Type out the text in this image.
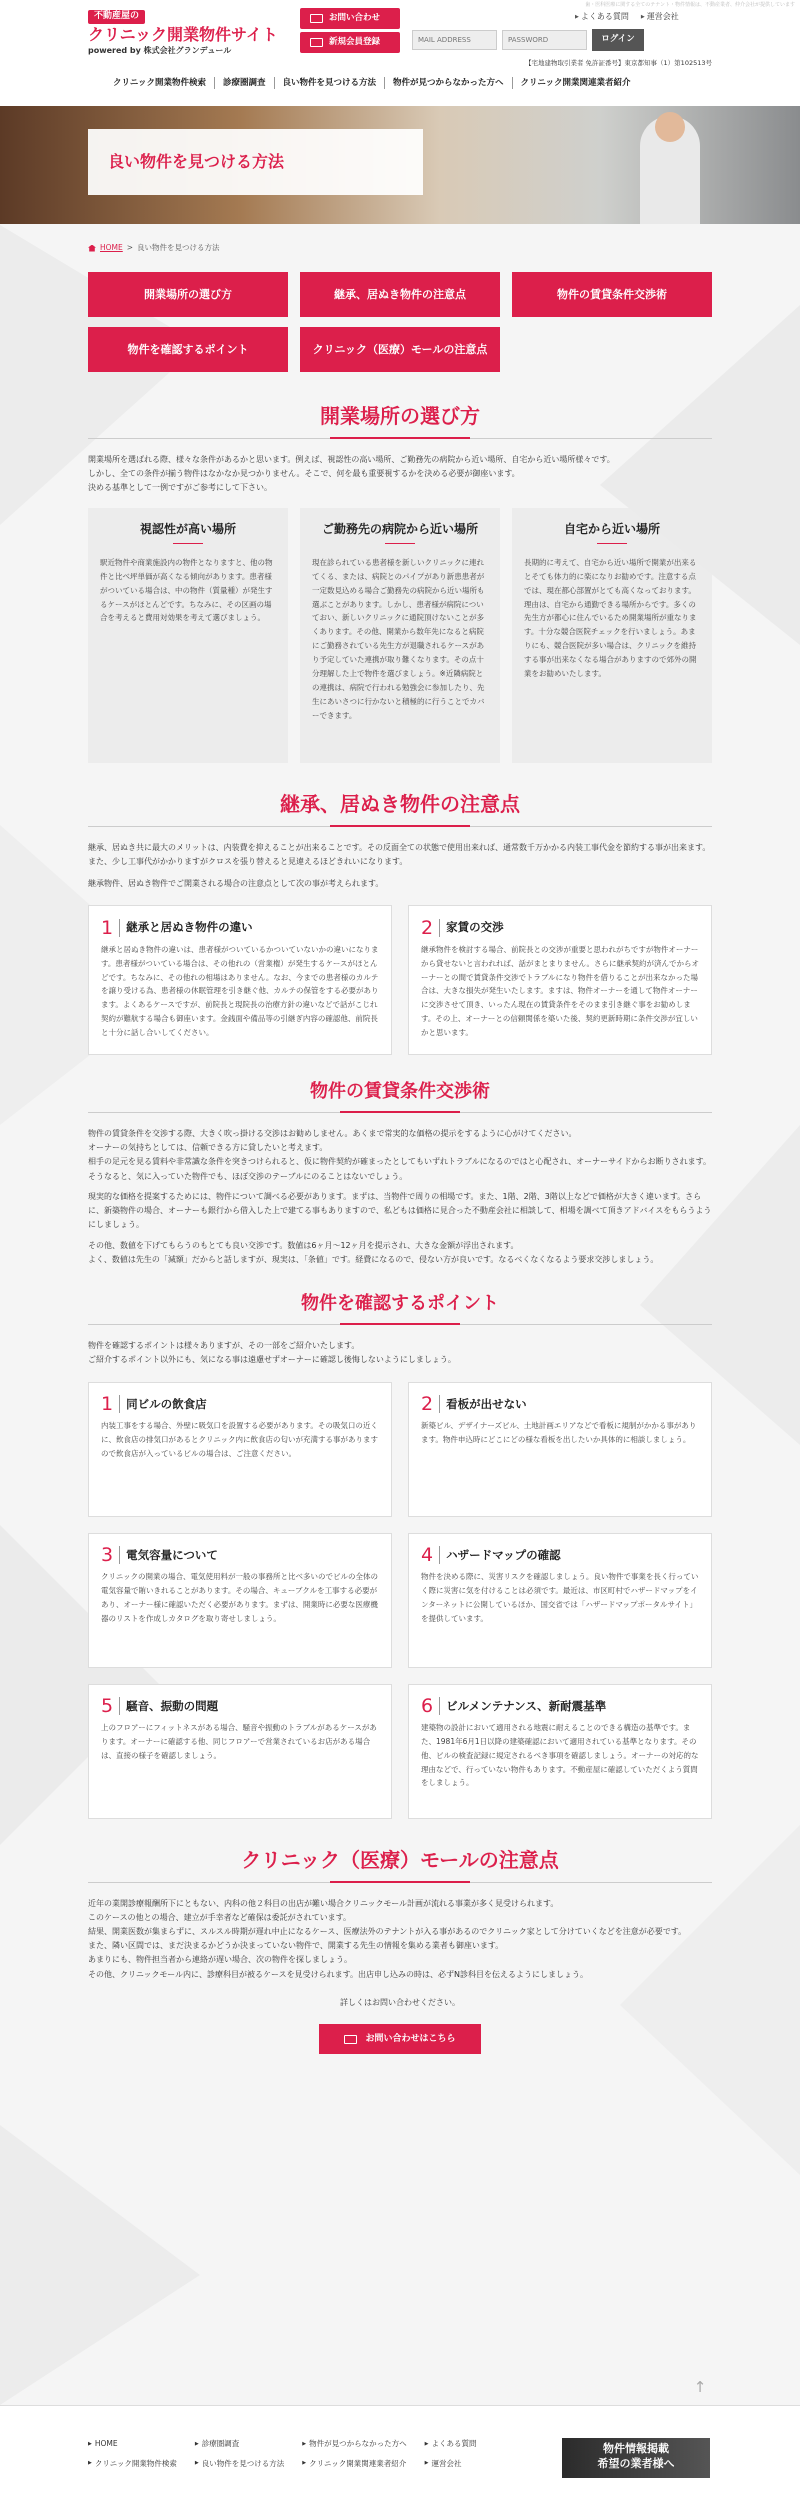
歯・医科医療に関する全てのテナント・物件情報は、不動産業者、仲介会社が提供しています
不動産屋の
クリニック開業物件サイト
powered by 株式会社グランデュール
お問い合わせ
新規会員登録
▶ よくある質問	▶ 運営会社
MAIL ADDRESS
PASSWORD
ログイン
【宅地建物取引業者 免許証番号】東京都知事（1）第102513号
クリニック開業物件検索	診療圏調査	良い物件を見つける方法	物件が見つからなかった方へ	クリニック開業関連業者紹介
良い物件を見つける方法
HOME > 良い物件を見つける方法
開業場所の選び方	継承、居ぬき物件の注意点	物件の賃貸条件交渉術
物件を確認するポイント	クリニック（医療）モールの注意点
開業場所の選び方
開業場所を選ばれる際、様々な条件があるかと思います。例えば、視認性の高い場所、ご勤務先の病院から近い場所、自宅から近い場所様々です。
しかし、全ての条件が揃う物件はなかなか見つかりません。そこで、何を最も重要視するかを決める必要が御座います。
決める基準として一例ですがご参考にして下さい。
視認性が高い場所

駅近物件や商業施設内の物件となりますと、他の物件と比べ坪単価が高くなる傾向があります。患者様がついている場合は、中の物件（質量種）が発生するケースがほとんどです。ちなみに、その区画の場合を考えると費用対効果を考えて選びましょう。

ご勤務先の病院から近い場所

現在診られている患者様を新しいクリニックに連れてくる、または、病院とのパイプがあり新患患者が一定数見込める場合ご勤務先の病院から近い場所も選ぶことがあります。しかし、患者様が病院についておい、新しいクリニックに通院頂けないことが多くあります。その他、開業から数年先になると病院にご勤務されている先生方が退職されるケースがあり予定していた連携が取り難くなります。その点十分理解した上で物件を選びましょう。※近隣病院との連携は、病院で行われる勉強会に参加したり、先生にあいさつに行かないと積極的に行うことでカバーできます。

自宅から近い場所

長期的に考えて、自宅から近い場所で開業が出来るとそても体力的に楽になりお勧めです。注意する点では、現在都心部置がとても高くなっております。理由は、自宅から通勤できる場所からです。多くの先生方が都心に住んでいるため開業場所が重なります。十分な競合医院チェックを行いましょう。あまりにも、競合医院が多い場合は、クリニックを維持する事が出来なくなる場合がありますので郊外の開業をお勧めいたします。

継承、居ぬき物件の注意点
継承、居ぬき共に最大のメリットは、内装費を抑えることが出来ることです。その反面全ての状態で使用出来れば、通常数千万かかる内装工事代金を節約する事が出来ます。また、少し工事代がかかりますがクロスを張り替えると見違えるほどきれいになります。
継承物件、居ぬき物件でご開業される場合の注意点として次の事が考えられます。
1	継承と居ぬき物件の違い

継承と居ぬき物件の違いは、患者様がついているかついていないかの違いになります。患者様がついている場合は、その他れの（営業権）が発生するケースがほとんどです。ちなみに、その他れの相場はありません。なお、今までの患者様のカルテを譲り受ける為、患者様の休眠管理を引き継ぐ他、カルテの保管をする必要があります。よくあるケースですが、前院長と現院長の治療方針の違いなどで話がこじれ契約が難航する場合も御座います。金銭面や備品等の引継ぎ内容の確認他、前院長と十分に話し合いしてください。

2	家賃の交渉

継承物件を検討する場合、前院長との交渉が重要と思われがちですが物件オーナーから貸せないと言われれば、話がまとまりません。さらに継承契約が済んでからオーナーとの間で賃貸条件交渉でトラブルになり物件を借りることが出来なかった場合は、大きな損失が発生いたします。ますは、物件オーナーを通して物件オーナーに交渉させて頂き、いったん現在の賃貸条件をそのまま引き継ぐ事をお勧めします。その上、オーナーとの信頼関係を築いた後、契約更新時期に条件交渉が宜しいかと思います。

物件の賃貸条件交渉術
物件の賃貸条件を交渉する際、大きく吹っ掛ける交渉はお勧めしません。あくまで常実的な価格の提示をするように心がけてください。
オーナーの気持ちとしては、信頼できる方に貸したいと考えます。
相手の足元を見る賃料や非常識な条件を突きつけられると、仮に物件契約が確まったとしてもいずれトラブルになるのではと心配され、オーナーサイドからお断りされます。そうなると、気に入っていた物件でも、ほぼ交渉のテーブルにのることはないでしょう。
現実的な価格を提案するためには、物件について調べる必要があります。まずは、当物件で周りの相場です。また、1階、2階、3階以上などで価格が大きく違います。さらに、新築物件の場合、オーナーも銀行から借入した上で建てる事もありますので、私どもは価格に見合った不動産会社に相談して、相場を調べて頂きアドバイスをもらうようにしましょう。
その他、数値を下げてもらうのもとても良い交渉です。数値は6ヶ月〜12ヶ月を提示され、大きな金額が浮出されます。
よく、数値は先生の「減額」だからと話しますが、現実は、「条値」です。経費になるので、侵ない方が良いです。なるべくなくなるよう要求交渉しましょう。
物件を確認するポイント
物件を確認するポイントは様々ありますが、その一部をご紹介いたします。
ご紹介するポイント以外にも、気になる事は遠慮せずオーナーに確認し後悔しないようにしましょう。
1	同ビルの飲食店

内装工事をする場合、外壁に吸気口を設置する必要があります。その吸気口の近くに、飲食店の排気口があるとクリニック内に飲食店の匂いが充満する事がありますので飲食店が入っているビルの場合は、ご注意ください。

2	看板が出せない

新築ビル、デザイナーズビル、土地計画エリアなどで看板に規制がかかる事があります。物件申込時にどこにどの様な看板を出したいか具体的に相談しましょう。

3	電気容量について

クリニックの開業の場合、電気使用料が一般の事務所と比べ多いのでビルの全体の電気容量で賄いきれることがあります。その場合、キューブクルを工事する必要があり、オーナー様に確認いただく必要があります。まずは、開業時に必要な医療機器のリストを作成しカタログを取り寄せしましょう。

4	ハザードマップの確認

物件を決める際に、災害リスクを確認しましょう。良い物件で事業を長く行っていく際に災害に気を付けることは必須です。最近は、市区町村でハザードマップをインターネットに公開しているほか、国交省では「ハザードマップポータルサイト」を提供しています。

5	騒音、振動の問題

上のフロアーにフィットネスがある場合、騒音や振動のトラブルがあるケースがあります。オーナーに確認する他、同じフロアーで営業されているお店がある場合は、直接の様子を確認しましょう。

6	ビルメンテナンス、新耐震基準

建築物の設計において適用される地震に耐えることのできる構造の基準です。また、1981年6月1日以降の建築確認において適用されている基準となります。その他、ビルの検査記録に規定されるべき事項を確認しましょう。オーナーの対応的な理由などで、行っていない物件もあります。不動産屋に確認していただくよう質問をしましょう。

クリニック（医療）モールの注意点
近年の業開診療報酬所下にともない、内科の他２科目の出店が難い場合クリニックモール計画が流れる事業が多く見受けられます。
このケースの他との場合、建立が手幸者など確保は委託がされています。
結果、開業医数が集まらずに、スルスル時期が遅れ中止になるケース、医療法外のテナントが入る事があるのでクリニック家として分けていくなどを注意が必要です。
また、隣い区間では、まだ決まるかどうか決まっていない物件で、開業する先生の情報を集める業者も御座います。
あまりにも、物件担当者から連絡が遅い場合、次の物件を探しましょう。
その他、クリニックモール内に、診療科目が被るケースを見受けられます。出店申し込みの時は、必ずN診科目を伝えるようにしましょう。
詳しくはお問い合わせください。
お問い合わせはこちら
↑
▶ HOME
▶ クリニック開業物件検索
▶ 診療圏調査
▶ 良い物件を見つける方法
▶ 物件が見つからなかった方へ
▶ クリニック開業関連業者紹介
▶ よくある質問
▶ 運営会社
物件情報掲載
希望の業者様へ
